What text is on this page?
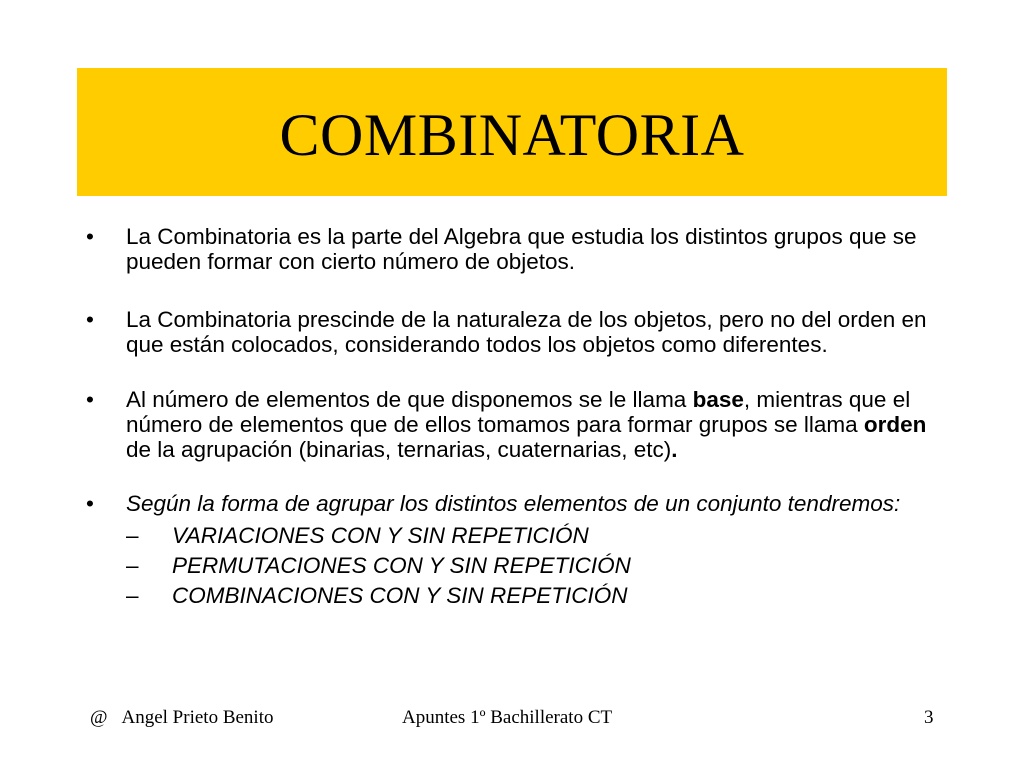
COMBINATORIA
• La Combinatoria es la parte del Algebra que estudia los distintos grupos que se pueden formar con cierto número de objetos.
• La Combinatoria prescinde de la naturaleza de los objetos, pero no del orden en que están colocados, considerando todos los objetos como diferentes.
• Al número de elementos de que disponemos se le llama base, mientras que el número de elementos que de ellos tomamos para formar grupos se llama orden de la agrupación (binarias, ternarias, cuaternarias, etc).
• Según la forma de agrupar los distintos elementos de un conjunto tendremos:
– VARIACIONES CON Y SIN REPETICIÓN
– PERMUTACIONES CON Y SIN REPETICIÓN
– COMBINACIONES CON Y SIN REPETICIÓN
@ Angel Prieto Benito	Apuntes 1º Bachillerato CT	3
